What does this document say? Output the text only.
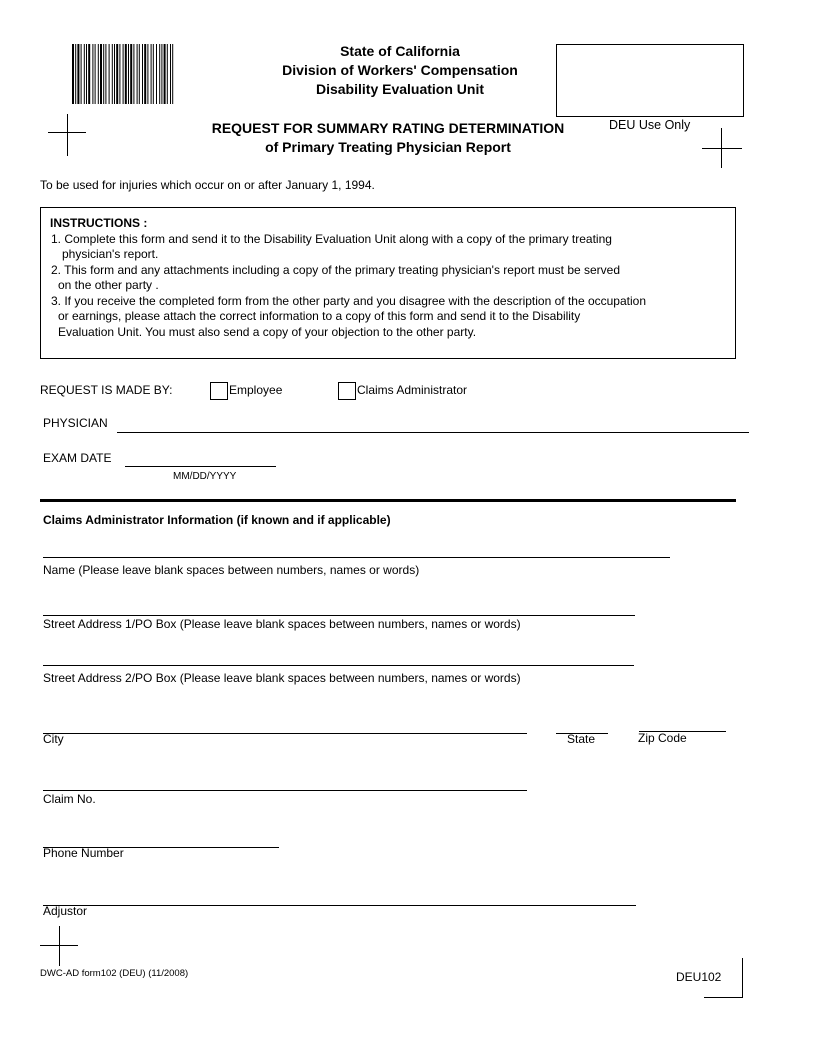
State of California
Division of Workers' Compensation
Disability Evaluation Unit
DEU Use Only
REQUEST FOR SUMMARY RATING DETERMINATION
of Primary Treating Physician Report
To be used for injuries which occur on or after January 1, 1994.

INSTRUCTIONS :

1. Complete this form and send it to the Disability Evaluation Unit along with a copy of the primary treating

physician's report.

2. This form and any attachments including a copy of the primary treating physician's report must be served

on the other party .

3. If you receive the completed form from the other party and you disagree with the description of the occupation

or earnings, please attach the correct information to a copy of this form and send it to the Disability

Evaluation Unit. You must also send a copy of your objection to the other party.

REQUEST IS MADE BY:	Employee	Claims Administrator
PHYSICIAN
EXAM DATE
MM/DD/YYYY
Claims Administrator Information (if known and if applicable)
Name (Please leave blank spaces between numbers, names or words)
Street Address 1/PO Box (Please leave blank spaces between numbers, names or words)
Street Address 2/PO Box (Please leave blank spaces between numbers, names or words)
City	State	Zip Code
Claim No.
Phone Number
Adjustor
DWC-AD form102 (DEU) (11/2008)	DEU102
